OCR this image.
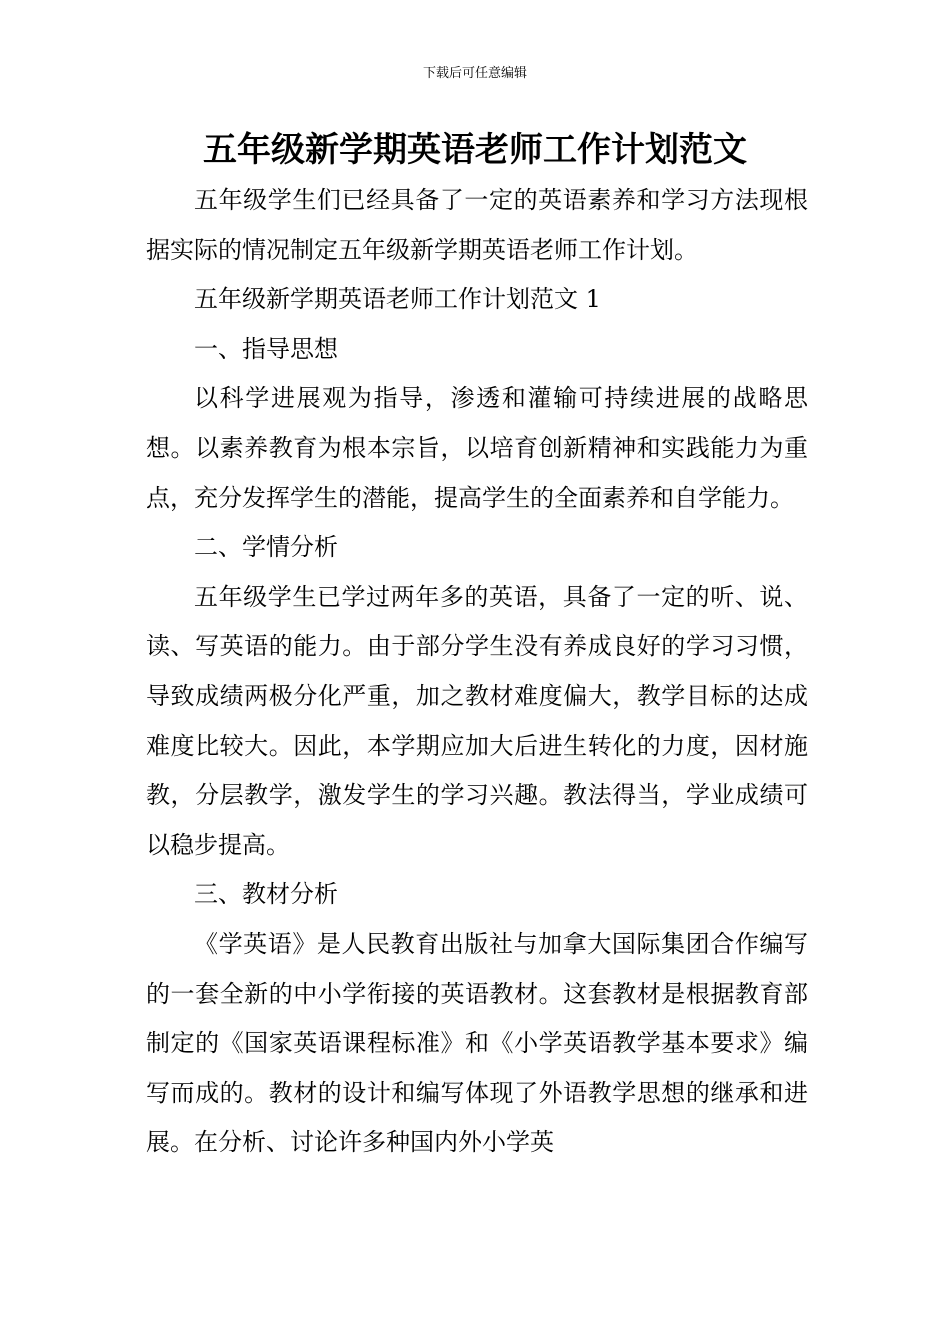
下载后可任意编辑
五年级新学期英语老师工作计划范文

五年级学生们已经具备了一定的英语素养和学习方法现根据实际的情况制定五年级新学期英语老师工作计划。

五年级新学期英语老师工作计划范文 1

一、指导思想

以科学进展观为指导，渗透和灌输可持续进展的战略思想。以素养教育为根本宗旨，以培育创新精神和实践能力为重点，充分发挥学生的潜能，提高学生的全面素养和自学能力。

二、学情分析

五年级学生已学过两年多的英语，具备了一定的听、说、读、写英语的能力。由于部分学生没有养成良好的学习习惯，导致成绩两极分化严重，加之教材难度偏大，教学目标的达成难度比较大。因此，本学期应加大后进生转化的力度，因材施教，分层教学，激发学生的学习兴趣。教法得当，学业成绩可以稳步提高。

三、教材分析

《学英语》是人民教育出版社与加拿大国际集团合作编写的一套全新的中小学衔接的英语教材。这套教材是根据教育部制定的《国家英语课程标准》和《小学英语教学基本要求》编写而成的。教材的设计和编写体现了外语教学思想的继承和进展。在分析、讨论许多种国内外小学英
